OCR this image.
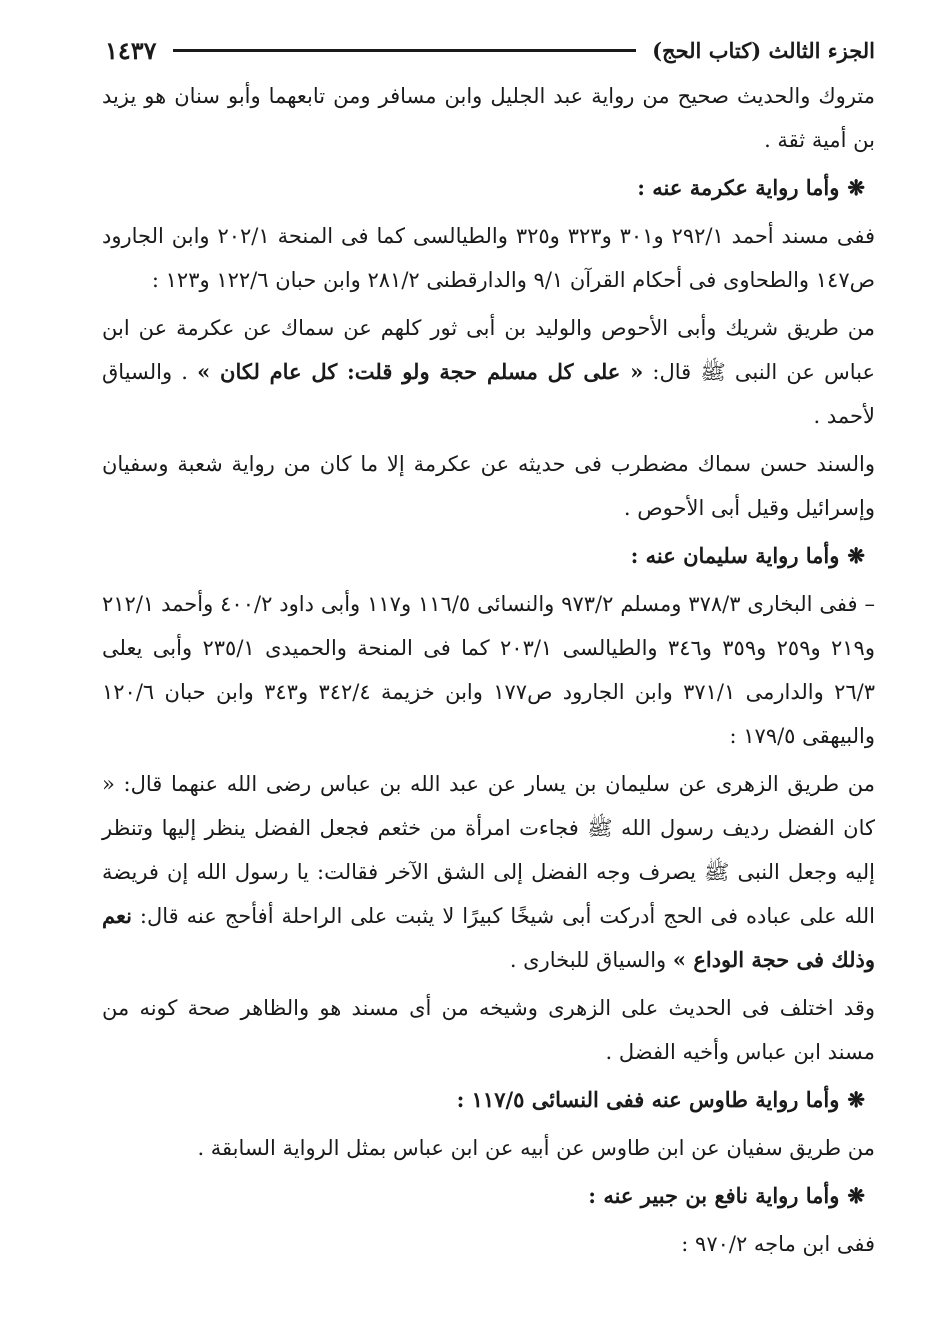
الجزء الثالث (كتاب الحج)
١٤٣٧

متروك والحديث صحيح من رواية عبد الجليل وابن مسافر ومن تابعهما وأبو سنان هو يزيد بن أمية ثقة .

❋وأما رواية عكرمة عنه :

ففى مسند أحمد ٢٩٢/١ و٣٠١ و٣٢٣ و٣٢٥ والطيالسى كما فى المنحة ٢٠٢/١ وابن الجارود ص١٤٧ والطحاوى فى أحكام القرآن ٩/١ والدارقطنى ٢٨١/٢ وابن حبان ١٢٢/٦ و١٢٣ :

من طريق شريك وأبى الأحوص والوليد بن أبى ثور كلهم عن سماك عن عكرمة عن ابن عباس عن النبى ﷺ قال: « على كل مسلم حجة ولو قلت: كل عام لكان » . والسياق لأحمد .

والسند حسن سماك مضطرب فى حديثه عن عكرمة إلا ما كان من رواية شعبة وسفيان وإسرائيل وقيل أبى الأحوص .

❋وأما رواية سليمان عنه :

– ففى البخارى ٣٧٨/٣ ومسلم ٩٧٣/٢ والنسائى ١١٦/٥ و١١٧ وأبى داود ٤٠٠/٢ وأحمد ٢١٢/١ و٢١٩ و٢٥٩ و٣٥٩ و٣٤٦ والطيالسى ٢٠٣/١ كما فى المنحة والحميدى ٢٣٥/١ وأبى يعلى ٢٦/٣ والدارمى ٣٧١/١ وابن الجارود ص١٧٧ وابن خزيمة ٣٤٢/٤ و٣٤٣ وابن حبان ١٢٠/٦ والبيهقى ١٧٩/٥ :

من طريق الزهرى عن سليمان بن يسار عن عبد الله بن عباس رضى الله عنهما قال: « كان الفضل رديف رسول الله ﷺ فجاءت امرأة من خثعم فجعل الفضل ينظر إليها وتنظر إليه وجعل النبى ﷺ يصرف وجه الفضل إلى الشق الآخر فقالت: يا رسول الله إن فريضة الله على عباده فى الحج أدركت أبى شيخًا كبيرًا لا يثبت على الراحلة أفأحج عنه قال: نعم وذلك فى حجة الوداع » والسياق للبخارى .

وقد اختلف فى الحديث على الزهرى وشيخه من أى مسند هو والظاهر صحة كونه من مسند ابن عباس وأخيه الفضل .

❋وأما رواية طاوس عنه ففى النسائى ١١٧/٥ :

من طريق سفيان عن ابن طاوس عن أبيه عن ابن عباس بمثل الرواية السابقة .

❋وأما رواية نافع بن جبير عنه :

ففى ابن ماجه ٩٧٠/٢ :
